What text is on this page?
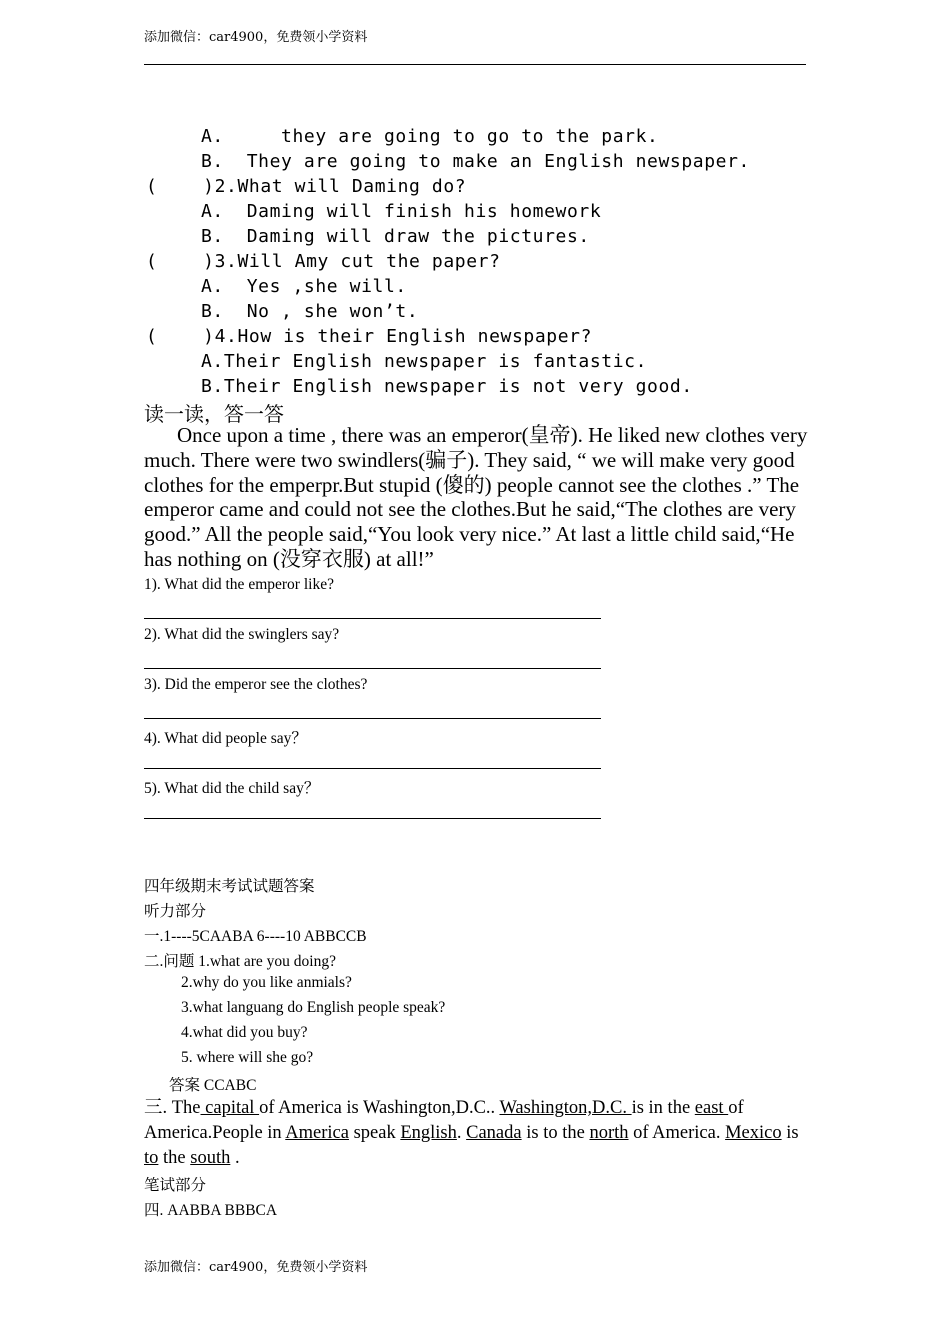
添加微信：car4900，免费领小学资料
A.     they are going to go to the park.
B.  They are going to make an English newspaper.
(    )2.What will Daming do?
A.  Daming will finish his homework
B.  Daming will draw the pictures.
(    )3.Will Amy cut the paper?
A.  Yes ,she will.
B.  No , she won’t.
(    )4.How is their English newspaper?
A.Their English newspaper is fantastic.
B.Their English newspaper is not very good.
读一读，答一答

Once upon a time , there was an emperor(皇帝). He liked new clothes very much. There were two swindlers(骗子). They said, “ we will make very good clothes for the emperpr.But stupid (傻的) people cannot see the clothes .” The emperor came and could not see the clothes.But he said,“The clothes are very good.” All the people said,“You look very nice.” At last a little child said,“He has nothing on (没穿衣服) at all!”

1). What did the emperor like?
2). What did the swinglers say?
3). Did the emperor see the clothes?
4). What did people say？
5). What did the child say？
四年级期末考试试题答案
听力部分
一.1----5CAABA 6----10 ABBCCB
二.问题 1.what are you doing?
2.why do you like anmials?
3.what languang do English people speak?
4.what did you buy?
5. where will she go?
答案 CCABC

三. The capital of America is Washington,D.C.. Washington,D.C. is in the east of America.People in America speak English. Canada is to the north of America. Mexico is to the south .

笔试部分
四. AABBA BBBCA
添加微信：car4900，免费领小学资料
